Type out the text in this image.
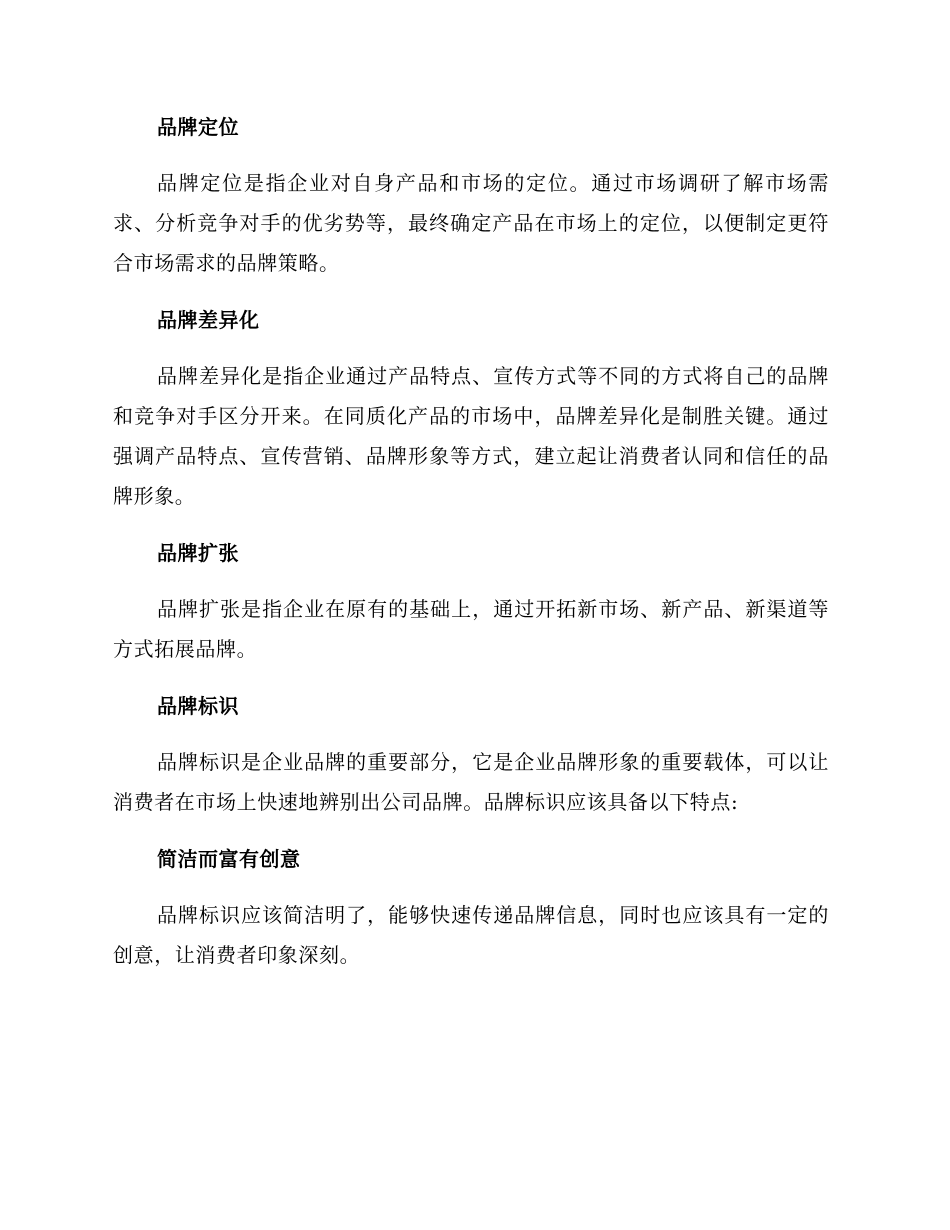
品牌定位

品牌定位是指企业对自身产品和市场的定位。通过市场调研了解市场需求、分析竞争对手的优劣势等，最终确定产品在市场上的定位，以便制定更符合市场需求的品牌策略。

品牌差异化

品牌差异化是指企业通过产品特点、宣传方式等不同的方式将自己的品牌和竞争对手区分开来。在同质化产品的市场中，品牌差异化是制胜关键。通过强调产品特点、宣传营销、品牌形象等方式，建立起让消费者认同和信任的品牌形象。

品牌扩张

品牌扩张是指企业在原有的基础上，通过开拓新市场、新产品、新渠道等方式拓展品牌。

品牌标识

品牌标识是企业品牌的重要部分，它是企业品牌形象的重要载体，可以让消费者在市场上快速地辨别出公司品牌。品牌标识应该具备以下特点:

简洁而富有创意

品牌标识应该简洁明了，能够快速传递品牌信息，同时也应该具有一定的创意，让消费者印象深刻。
